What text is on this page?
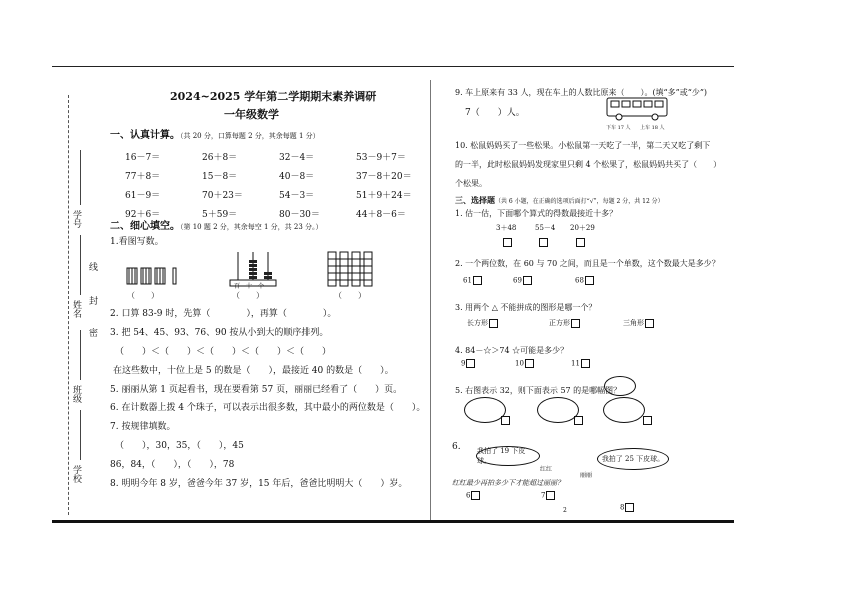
学号
姓名
班级
学校
线
封
密
2024~2025 学年第二学期期末素养调研
一年级数学
一、认真计算。（共 20 分，口算每题 2 分，其余每题 1 分）
16－7＝	26＋8＝	32－4＝	53－9＋7＝
77＋8＝	15－8＝	40－8＝	37－8＋20＝
61－9＝	70＋23＝	54－3＝	51＋9＋24＝
92＋6＝	5＋59＝	80－30＝	44＋8－6＝
二、细心填空。（第 10 题 2 分，其余每空 1 分，共 23 分。）
1.看图写数。
（　　）
百　十　个
（　　）	（　　）
2. 口算 83-9 时，先算（　　　　），再算（　　　　）。
3. 把 54、45、93、76、90 按从小到大的顺序排列。
（　　）＜（　　）＜（　　）＜（　　）＜（　　）
在这些数中，十位上是 5 的数是（　　），最接近 40 的数是（　　）。
5. 丽丽从第 1 页起看书，现在要看第 57 页，丽丽已经看了（　　）页。
6. 在计数器上拨 4 个珠子，可以表示出很多数，其中最小的两位数是（　　）。
7. 按规律填数。
（　　），30，35，（　　），45
86，84，（　　），（　　），78
8. 明明今年 8 岁，爸爸今年 37 岁，15 年后，爸爸比明明大（　　）岁。
9. 车上原来有 33 人，现在车上的人数比原来（　　）。(填“多”或“少”)
7（　　）人。
下车 17 人 上车 18 人
10. 松鼠妈妈买了一些松果。小松鼠第一天吃了一半，第二天又吃了剩下
的一半，此时松鼠妈妈发现家里只剩 4 个松果了，松鼠妈妈共买了（　　）
个松果。
三、选择题（共 6 小题，在正确的选项后面打“√”，每题 2 分，共 12 分）
1. 估一估，下面哪个算式的得数最接近十多？
3＋48	55－4 20＋29
2. 一个两位数，在 60 与 70 之间，而且是一个单数，这个数最大是多少？
61	69	68
3. 用两个 △ 不能拼成的图形是哪一个？
长方形	正方形	三角形
4. 84－☆＞74 ☆可能是多少？
9	10	11
5. 右图表示 32，则下面表示 57 的是哪幅图？
6. 我拍了 19 下皮球。	我拍了 25 下皮球。
红红
丽丽
红红最少再拍多少下才能超过丽丽？
6	7
8
2
